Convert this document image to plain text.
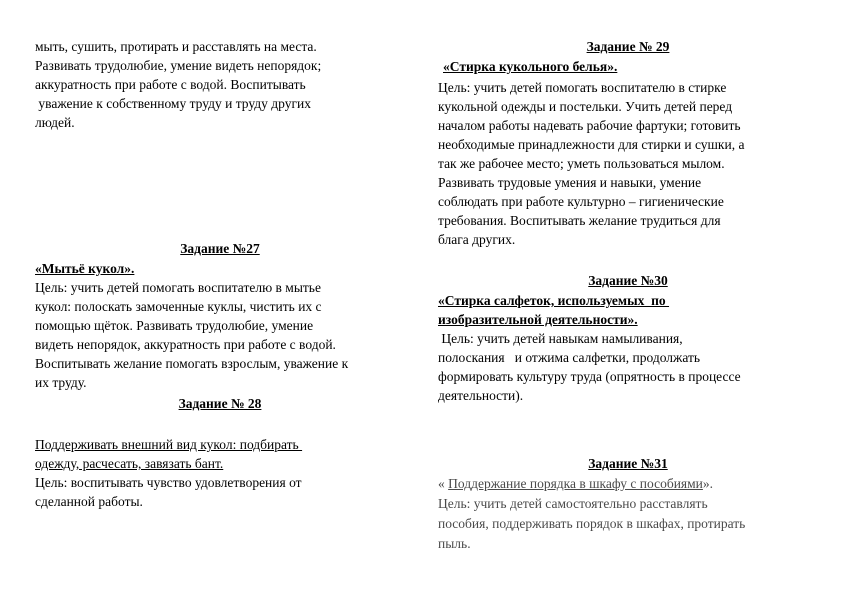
мыть, сушить, протирать и расставлять на места.
Развивать трудолюбие, умение видеть непорядок;
аккуратность при работе с водой. Воспитывать
уважение к собственному труду и труду других
людей.
Задание №27
«Мытьё кукол».
Цель: учить детей помогать воспитателю в мытье
кукол: полоскать замоченные куклы, чистить их с
помощью щёток. Развивать трудолюбие, умение
видеть непорядок, аккуратность при работе с водой.
Воспитывать желание помогать взрослым, уважение к
их труду.
Задание № 28
Поддерживать внешний вид кукол: подбирать
одежду, расчесать, завязать бант.
Цель: воспитывать чувство удовлетворения от
сделанной работы.
Задание № 29
«Стирка кукольного белья».
Цель: учить детей помогать воспитателю в стирке
кукольной одежды и постельки. Учить детей перед
началом работы надевать рабочие фартуки; готовить
необходимые принадлежности для стирки и сушки, а
так же рабочее место; уметь пользоваться мылом.
Развивать трудовые умения и навыки, умение
соблюдать при работе культурно – гигиенические
требования. Воспитывать желание трудиться для
блага других.
Задание №30
«Стирка салфеток, используемых  по
изобразительной деятельности».
Цель: учить детей навыкам намыливания,
полоскания   и отжима салфетки, продолжать
формировать культуру труда (опрятность в процессе
деятельности).
Задание №31
« Поддержание порядка в шкафу с пособиями».
Цель: учить детей самостоятельно расставлять
пособия, поддерживать порядок в шкафах, протирать
пыль.
